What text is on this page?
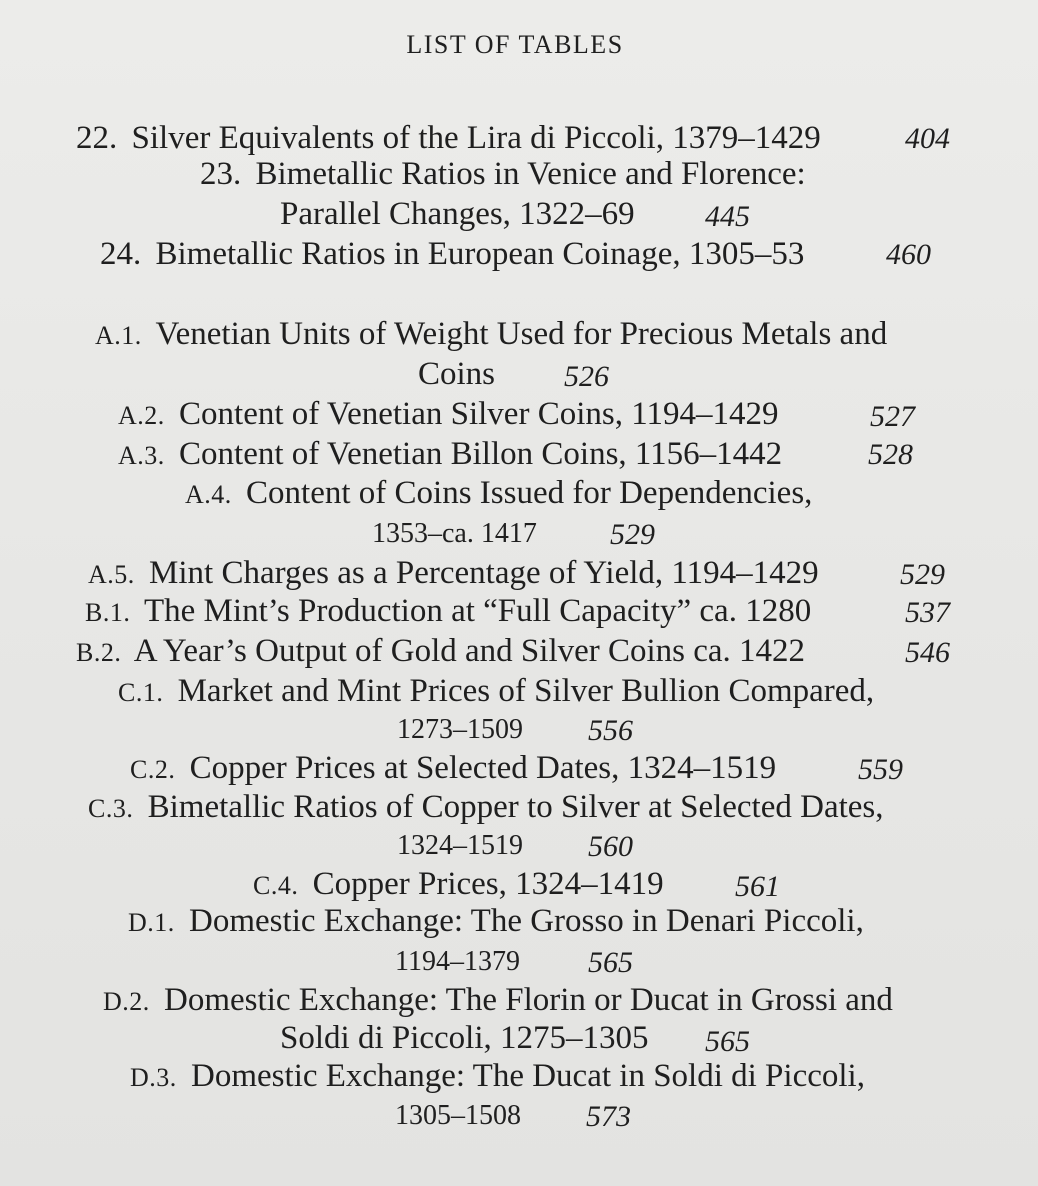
LIST OF TABLES
22. Silver Equivalents of the Lira di Piccoli, 1379–1429	404
23. Bimetallic Ratios in Venice and Florence:
Parallel Changes, 1322–69 445
24. Bimetallic Ratios in European Coinage, 1305–53	460
A.1. Venetian Units of Weight Used for Precious Metals and
Coins 526
A.2. Content of Venetian Silver Coins, 1194–1429	527
A.3. Content of Venetian Billon Coins, 1156–1442	528
A.4. Content of Coins Issued for Dependencies,
1353–ca. 1417 529
A.5. Mint Charges as a Percentage of Yield, 1194–1429	529
B.1. The Mint’s Production at “Full Capacity” ca. 1280	537
B.2. A Year’s Output of Gold and Silver Coins ca. 1422	546
C.1. Market and Mint Prices of Silver Bullion Compared,
1273–1509 556
C.2. Copper Prices at Selected Dates, 1324–1519	559
C.3. Bimetallic Ratios of Copper to Silver at Selected Dates,
1324–1519 560
C.4. Copper Prices, 1324–1419 561
D.1. Domestic Exchange: The Grosso in Denari Piccoli,
1194–1379 565
D.2. Domestic Exchange: The Florin or Ducat in Grossi and
Soldi di Piccoli, 1275–1305 565
D.3. Domestic Exchange: The Ducat in Soldi di Piccoli,
1305–1508 573
